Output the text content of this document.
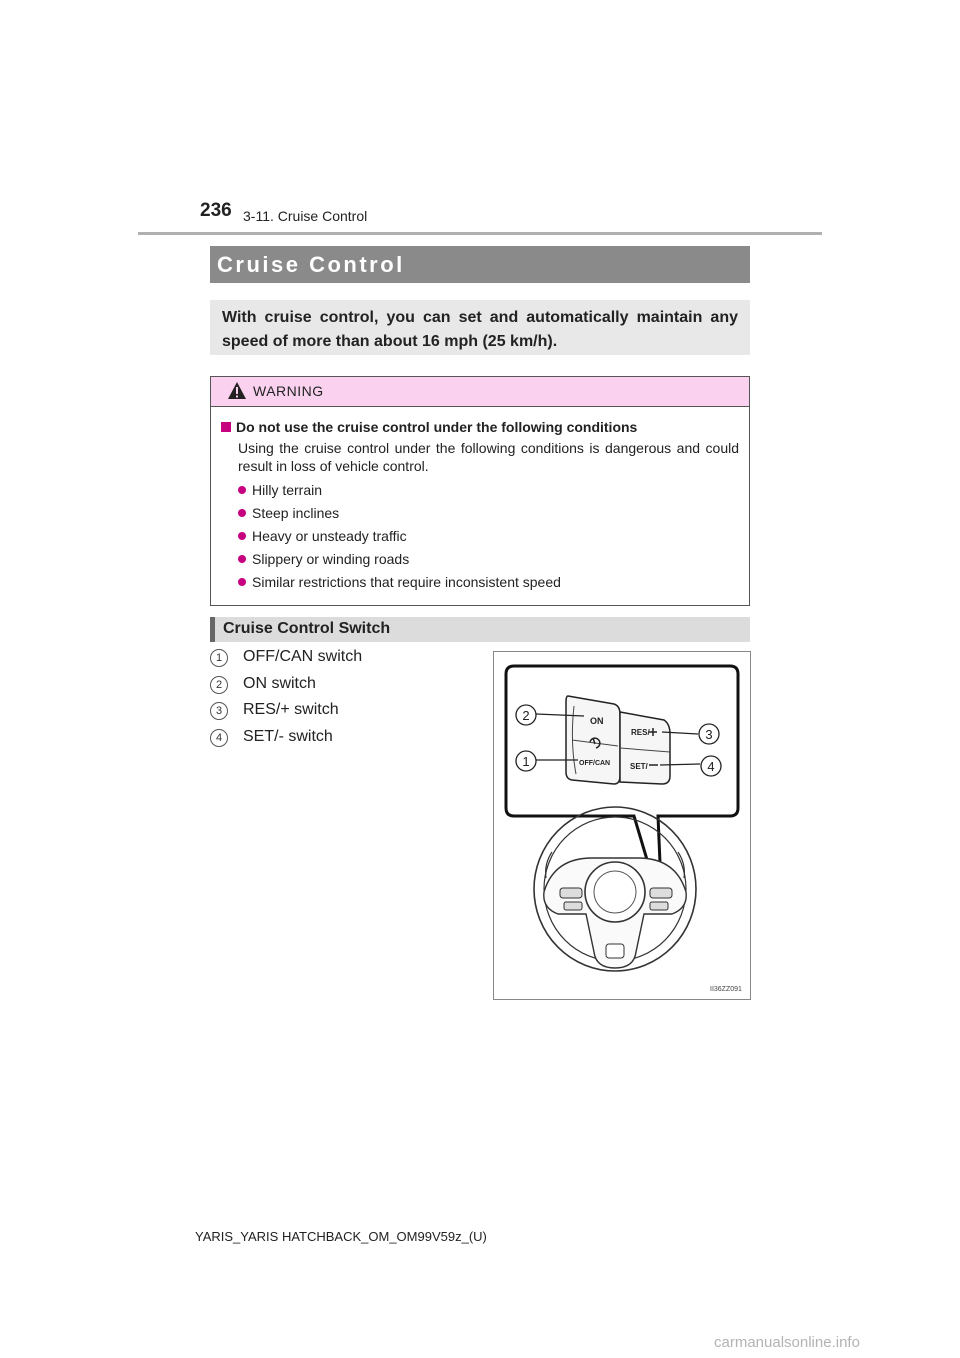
236 3-11. Cruise Control
Cruise Control
With cruise control, you can set and automatically maintain any speed of more than about 16 mph (25 km/h).
WARNING
Do not use the cruise control under the following conditions
Using the cruise control under the following conditions is dangerous and could result in loss of vehicle control.
Hilly terrain
Steep inclines
Heavy or unsteady traffic
Slippery or winding roads
Similar restrictions that require inconsistent speed
Cruise Control Switch
1	OFF/CAN switch
2	ON switch
3	RES/+ switch
4	SET/- switch
ON
OFF/CAN
RES/
SET/
2
1
3
4
II36ZZ091
YARIS_YARIS HATCHBACK_OM_OM99V59z_(U)
carmanualsonline.info
